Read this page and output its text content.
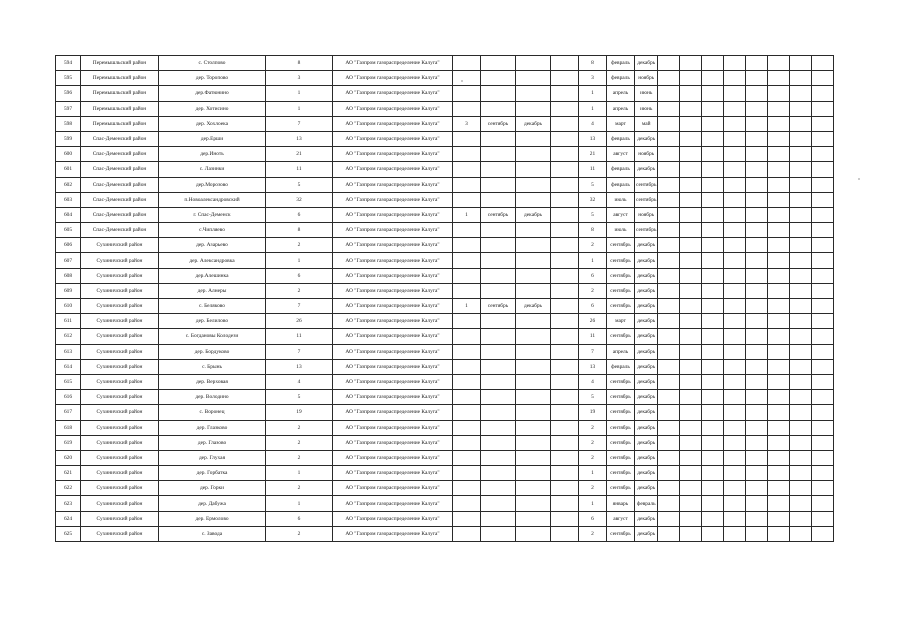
594	Перемышльский район	с. Столпово	8	АО "Газпром газораспределение Калуга"					8	февраль	декабрь								
595	Перемышльский район	дер. Торопово	3	АО "Газпром газораспределение Калуга"					3	февраль	ноябрь								
596	Перемышльский район	дер.Фатюнино	1	АО "Газпром газораспределение Калуга"					1	апрель	июнь								
597	Перемышльский район	дер. Хотисино	1	АО "Газпром газораспределение Калуга"					1	апрель	июнь								
598	Перемышльский район	дер. Хохлоека	7	АО "Газпром газораспределение Калуга"	3	сентябрь	декабрь		4	март	май								
599	Спас-Деменский район	дер.Ерши	13	АО "Газпром газораспределение Калуга"					13	февраль	декабрь								
600	Спас-Деменский район	дер.Иноть	21	АО "Газпром газораспределение Калуга"					21	август	ноябрь								
601	Спас-Деменский район	с. Лазинки	11	АО "Газпром газораспределение Калуга"					11	февраль	декабрь								
602	Спас-Деменский район	дер.Морозово	5	АО "Газпром газораспределение Калуга"					5	февраль	сентябрь								
603	Спас-Деменский район	п.Новоалександровский	32	АО "Газпром газораспределение Калуга"					32	июль	сентябрь								
604	Спас-Деменский район	г. Спас-Деменск	6	АО "Газпром газораспределение Калуга"	1	сентябрь	декабрь		5	август	ноябрь								
605	Спас-Деменский район	с.Чипляево	8	АО "Газпром газораспределение Калуга"					8	июль	сентябрь								
606	Сухиничский район	дер. Азарьево	2	АО "Газпром газораспределение Калуга"					2	сентябрь	декабрь								
607	Сухиничский район	дер. Александровка	1	АО "Газпром газораспределение Калуга"					1	сентябрь	декабрь								
608	Сухиничский район	дер.Алешинка	6	АО "Газпром газораспределение Калуга"					6	сентябрь	декабрь								
609	Сухиничский район	дер. Алнеры	2	АО "Газпром газораспределение Калуга"					2	сентябрь	декабрь								
610	Сухиничский район	с. Беляково	7	АО "Газпром газораспределение Калуга"	1	сентябрь	декабрь		6	сентябрь	декабрь								
611	Сухиничский район	дер. Белилово	26	АО "Газпром газораспределение Калуга"					26	март	декабрь								
612	Сухиничский район	с. Богдановы Колодези	11	АО "Газпром газораспределение Калуга"					11	сентябрь	декабрь								
613	Сухиничский район	дер. Бордуково	7	АО "Газпром газораспределение Калуга"					7	апрель	декабрь								
614	Сухиничский район	с. Брынь	13	АО "Газпром газораспределение Калуга"					13	февраль	декабрь								
615	Сухиничский район	дер. Верховая	4	АО "Газпром газораспределение Калуга"					4	сентябрь	декабрь								
616	Сухиничский район	дер. Володино	5	АО "Газпром газораспределение Калуга"					5	сентябрь	декабрь								
617	Сухиничский район	с. Воронец	19	АО "Газпром газораспределение Калуга"					19	сентябрь	декабрь								
618	Сухиничский район	дер. Глазково	2	АО "Газпром газораспределение Калуга"					2	сентябрь	декабрь								
619	Сухиничский район	дер. Глазово	2	АО "Газпром газораспределение Калуга"					2	сентябрь	декабрь								
620	Сухиничский район	дер. Глухая	2	АО "Газпром газораспределение Калуга"					2	сентябрь	декабрь								
621	Сухиничский район	дер. Горбатка	1	АО "Газпром газораспределение Калуга"					1	сентябрь	декабрь								
622	Сухиничский район	дер. Горки	2	АО "Газпром газораспределение Калуга"					2	сентябрь	декабрь								
623	Сухиничский район	дер. Дабужа	1	АО "Газпром газораспределение Калуга"					1	январь	февраль								
624	Сухиничский район	дер. Ермолово	6	АО "Газпром газораспределение Калуга"					6	август	декабрь								
625	Сухиничский район	с. Завода	2	АО "Газпром газораспределение Калуга"					2	сентябрь	декабрь								
